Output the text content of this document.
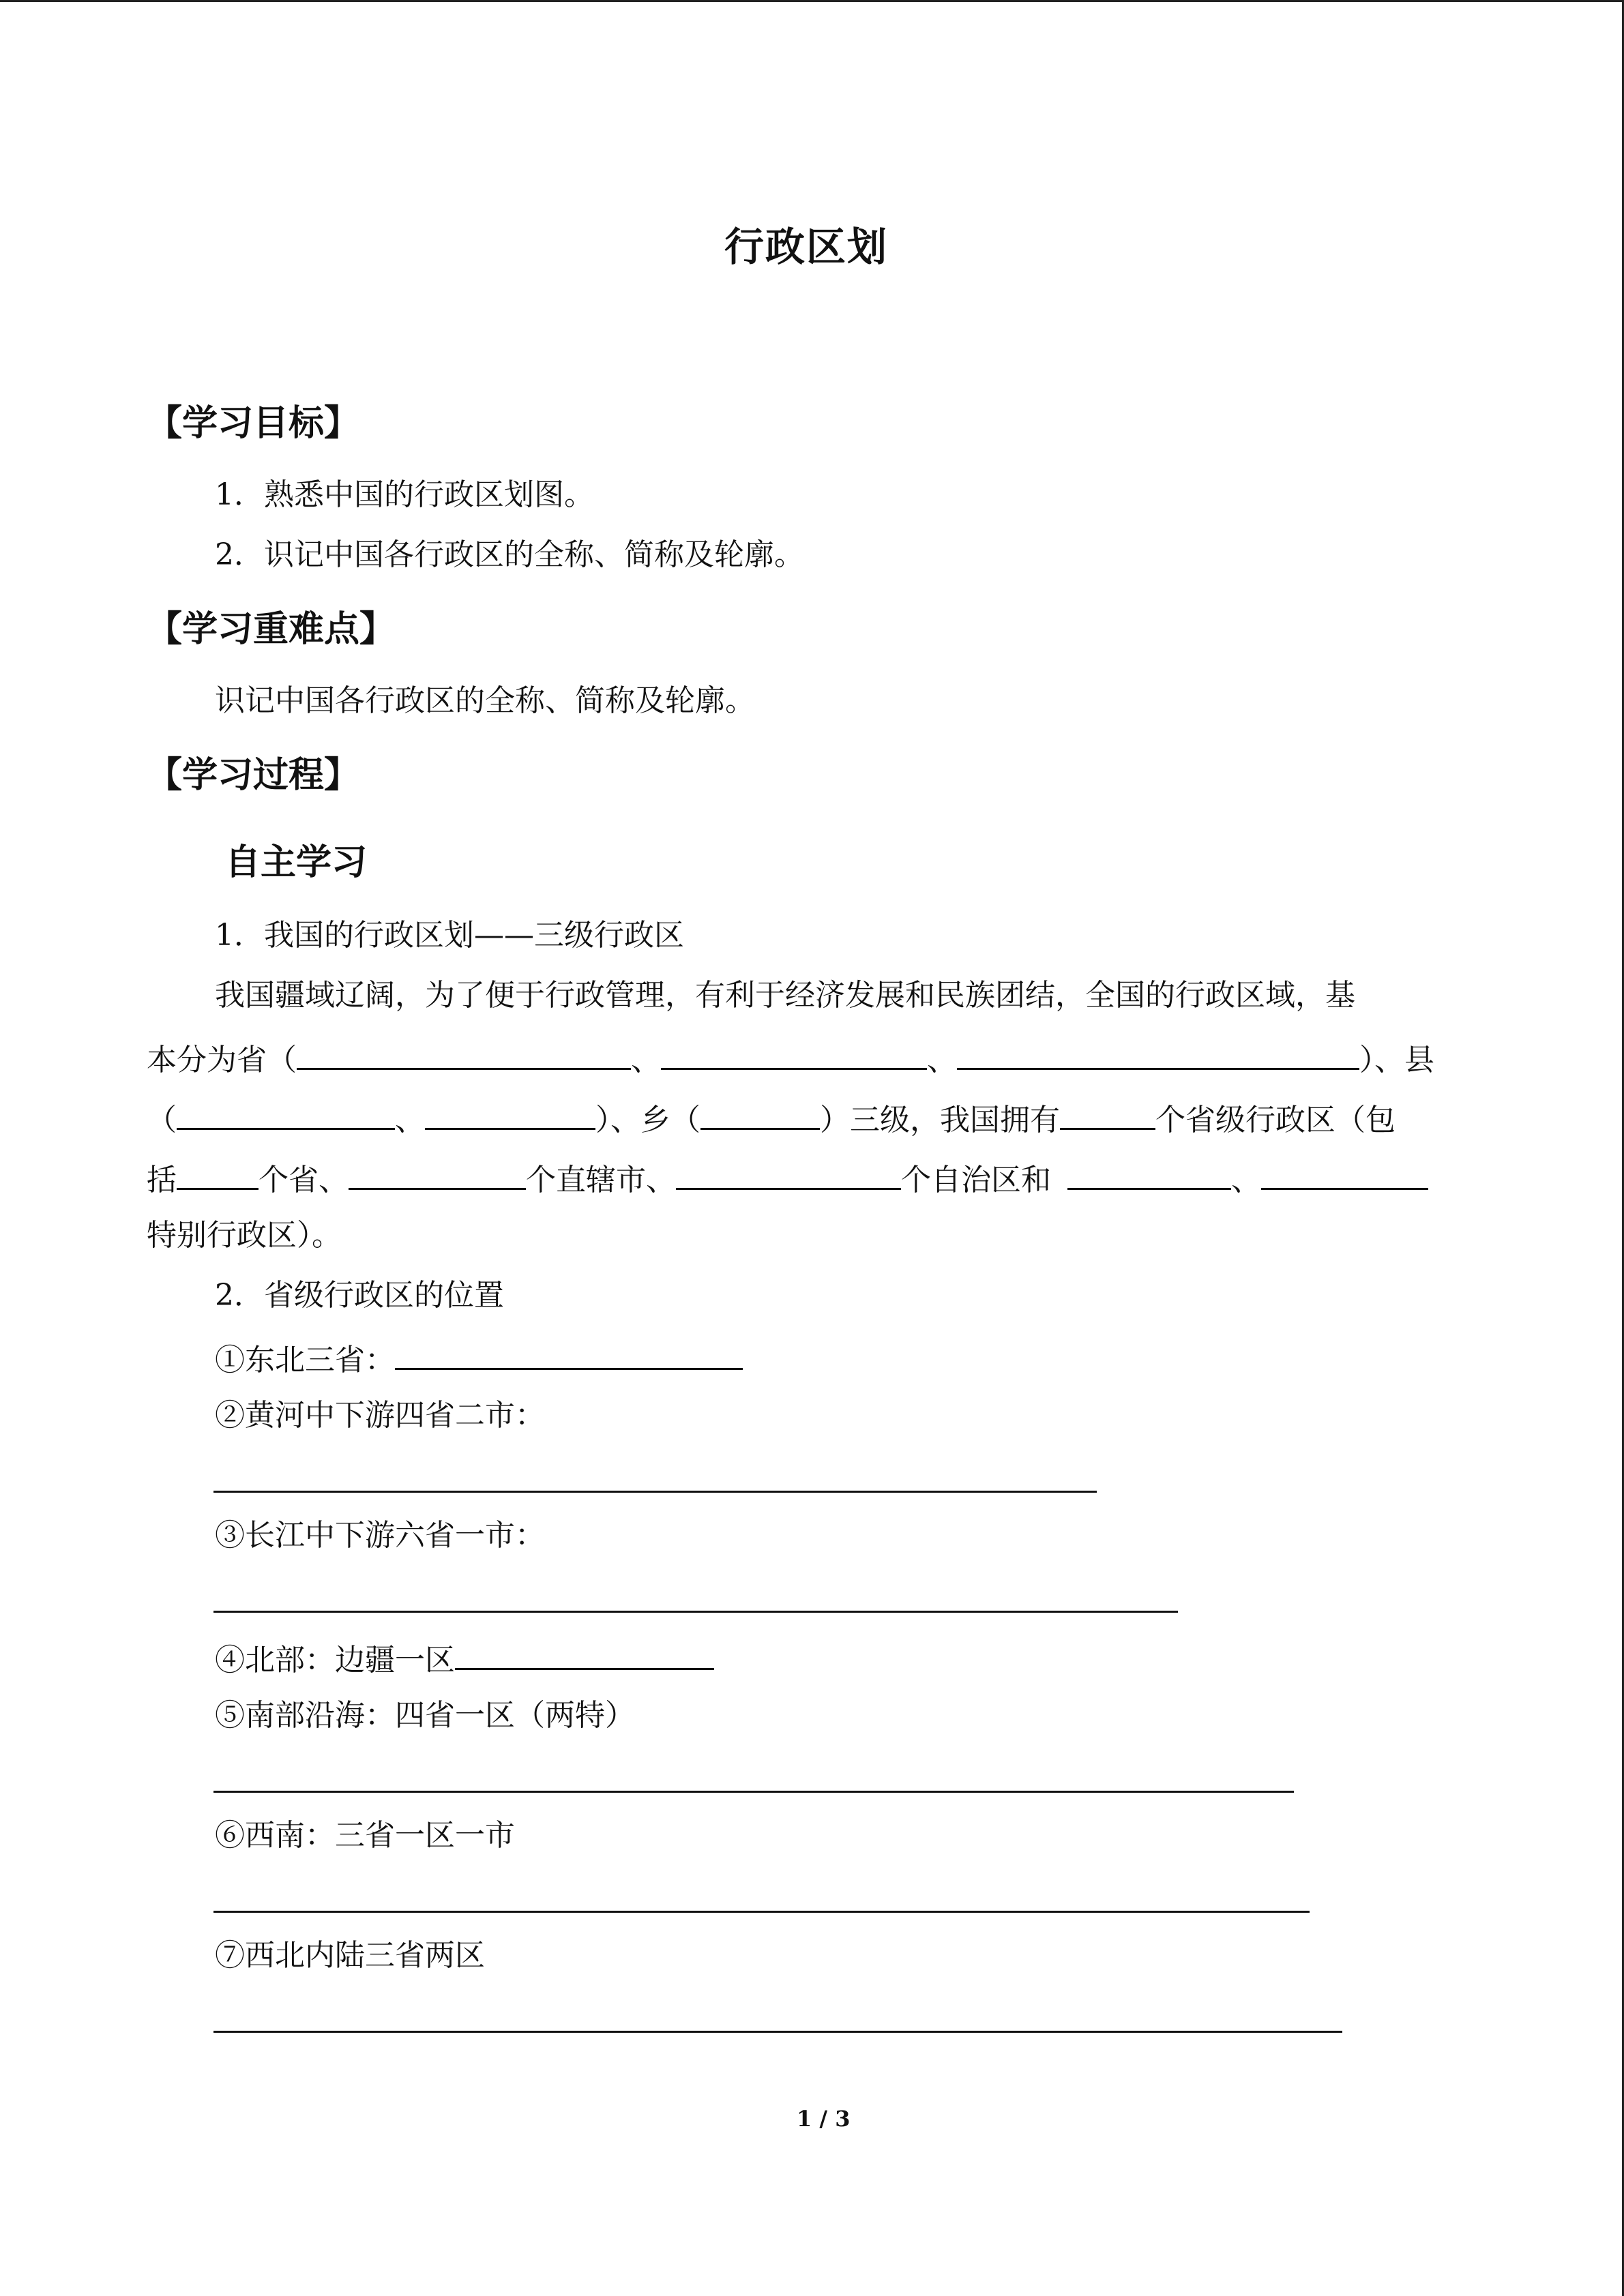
行政区划
【学习目标】
1．熟悉中国的行政区划图。
2．识记中国各行政区的全称、简称及轮廓。
【学习重难点】
识记中国各行政区的全称、简称及轮廓。
【学习过程】
自主学习
1．我国的行政区划——三级行政区
我国疆域辽阔，为了便于行政管理，有利于经济发展和民族团结，全国的行政区域，基
本分为省（	、	、	）、县
（	、	）、乡（	）三级，我国拥有	个省级行政区（包
括	个省、	个直辖市、	个自治区和	、
特别行政区）。
2．省级行政区的位置
①东北三省：
②黄河中下游四省二市：
③长江中下游六省一市：
④北部：边疆一区
⑤南部沿海：四省一区（两特）
⑥西南：三省一区一市
⑦西北内陆三省两区
1 / 3
